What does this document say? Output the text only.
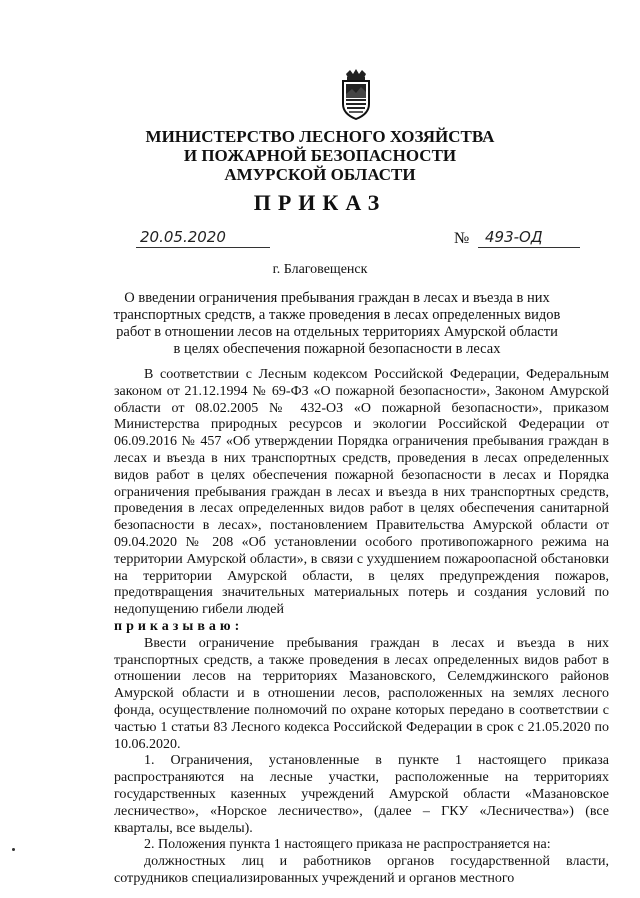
МИНИСТЕРСТВО ЛЕСНОГО ХОЗЯЙСТВА
И ПОЖАРНОЙ БЕЗОПАСНОСТИ
АМУРСКОЙ ОБЛАСТИ
ПРИКАЗ
20.05.2020	№ 493-ОД
г. Благовещенск
О введении ограничения пребывания граждан в лесах и въезда в них транспортных средств, а также проведения в лесах определенных видов работ в отношении лесов на отдельных территориях Амурской области в целях обеспечения пожарной безопасности в лесах

В соответствии с Лесным кодексом Российской Федерации, Федеральным законом от 21.12.1994 № 69-ФЗ «О пожарной безопасности», Законом Амурской области от 08.02.2005 № 432-ОЗ «О пожарной безопасности», приказом Министерства природных ресурсов и экологии Российской Федерации от 06.09.2016 № 457 «Об утверждении Порядка ограничения пребывания граждан в лесах и въезда в них транспортных средств, проведения в лесах определенных видов работ в целях обеспечения пожарной безопасности в лесах и Порядка ограничения пребывания граждан в лесах и въезда в них транспортных средств, проведения в лесах определенных видов работ в целях обеспечения санитарной безопасности в лесах», постановлением Правительства Амурской области от 09.04.2020 № 208 «Об установлении особого противопожарного режима на территории Амурской области», в связи с ухудшением пожароопасной обстановки на территории Амурской области, в целях предупреждения пожаров, предотвращения значительных материальных потерь и создания условий по недопущению гибели людей

приказываю:

Ввести ограничение пребывания граждан в лесах и въезда в них транспортных средств, а также проведения в лесах определенных видов работ в отношении лесов на территориях Мазановского, Селемджинского районов Амурской области и в отношении лесов, расположенных на землях лесного фонда, осуществление полномочий по охране которых передано в соответствии с частью 1 статьи 83 Лесного кодекса Российской Федерации в срок с 21.05.2020 по 10.06.2020.

1. Ограничения, установленные в пункте 1 настоящего приказа распространяются на лесные участки, расположенные на территориях государственных казенных учреждений Амурской области «Мазановское лесничество», «Норское лесничество», (далее – ГКУ «Лесничества») (все кварталы, все выделы).

2. Положения пункта 1 настоящего приказа не распространяется на:

должностных лиц и работников органов государственной власти, сотрудников специализированных учреждений и органов местного
